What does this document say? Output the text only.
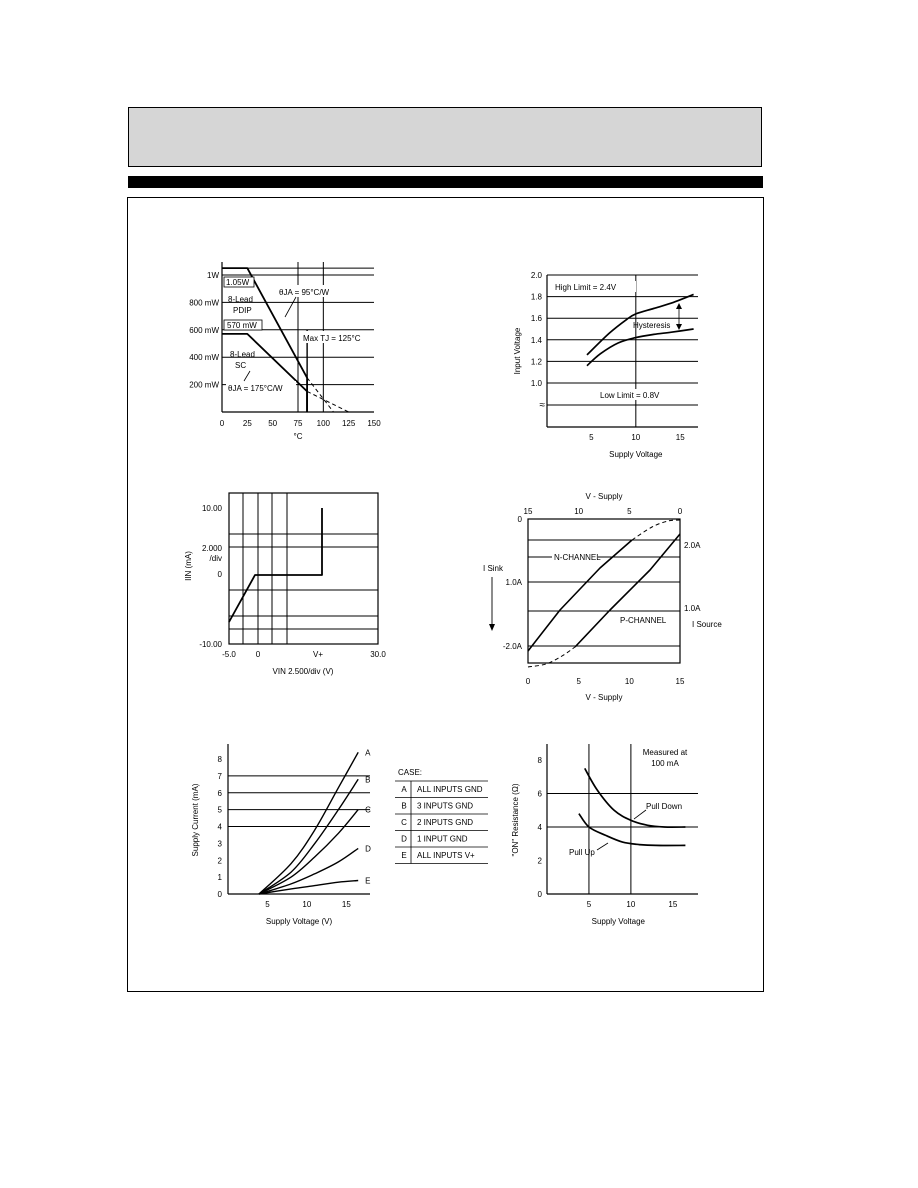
1W
800 mW
600 mW
400 mW
200 mW
0 25 50 75 100 125 150
°C
1.05W
8-Lead
PDIP
570 mW
8-Lead
SC
θJA = 95°C/W
θJA = 175°C/W
Max TJ = 125°C
2.0
1.8
1.6
1.4
1.2
1.0
≈
5	10	15
Supply Voltage
Input Voltage
High Limit = 2.4V
Low Limit = 0.8V
Hysteresis
10.00
2.000
/div
0
-10.00
-5.0 0	V+	30.0
VIN 2.500/div (V)
IIN (mA)
0
1.0A
-2.0A
0	5	10	15
15	10	5	0
V - Supply
V - Supply
2.0A
1.0A
I Source
I Sink
N-CHANNEL
P-CHANNEL
0
1
2
3
4
5
6
7
8
5	10	15
Supply Voltage (V)
Supply Current (mA)
A
B
C
D
E
CASE:
A ALL INPUTS GND
B 3 INPUTS GND
C 2 INPUTS GND
D 1 INPUT GND
E ALL INPUTS V+
0
2
4
6
8
5	10	15
Supply Voltage
"ON" Resistance (Ω)
Measured at
100 mA
Pull Down
Pull Up
